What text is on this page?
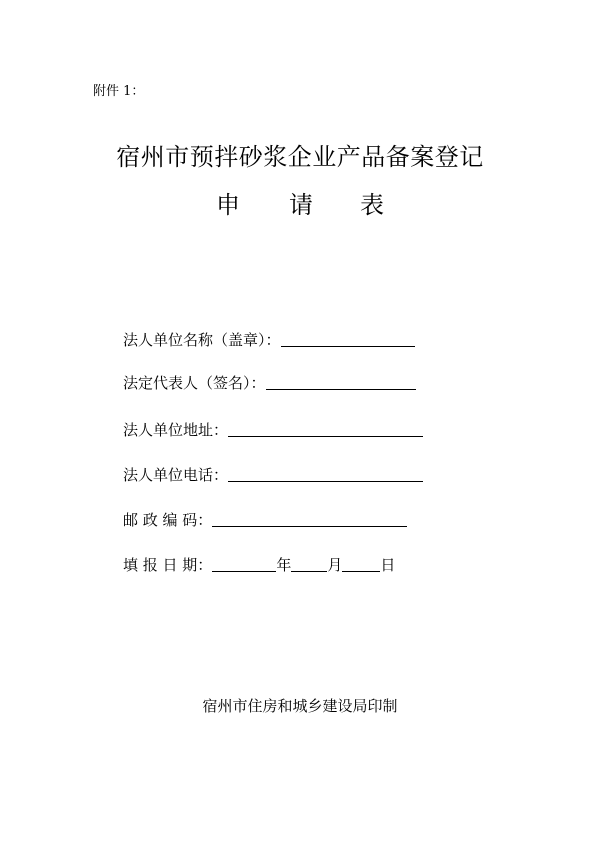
附件 1：
宿州市预拌砂浆企业产品备案登记
申 请 表
法人单位名称（盖章）：
法定代表人（签名）：
法人单位地址：
法人单位电话：
邮 政 编 码：
填 报 日 期：	年 月	日
宿州市住房和城乡建设局印制
